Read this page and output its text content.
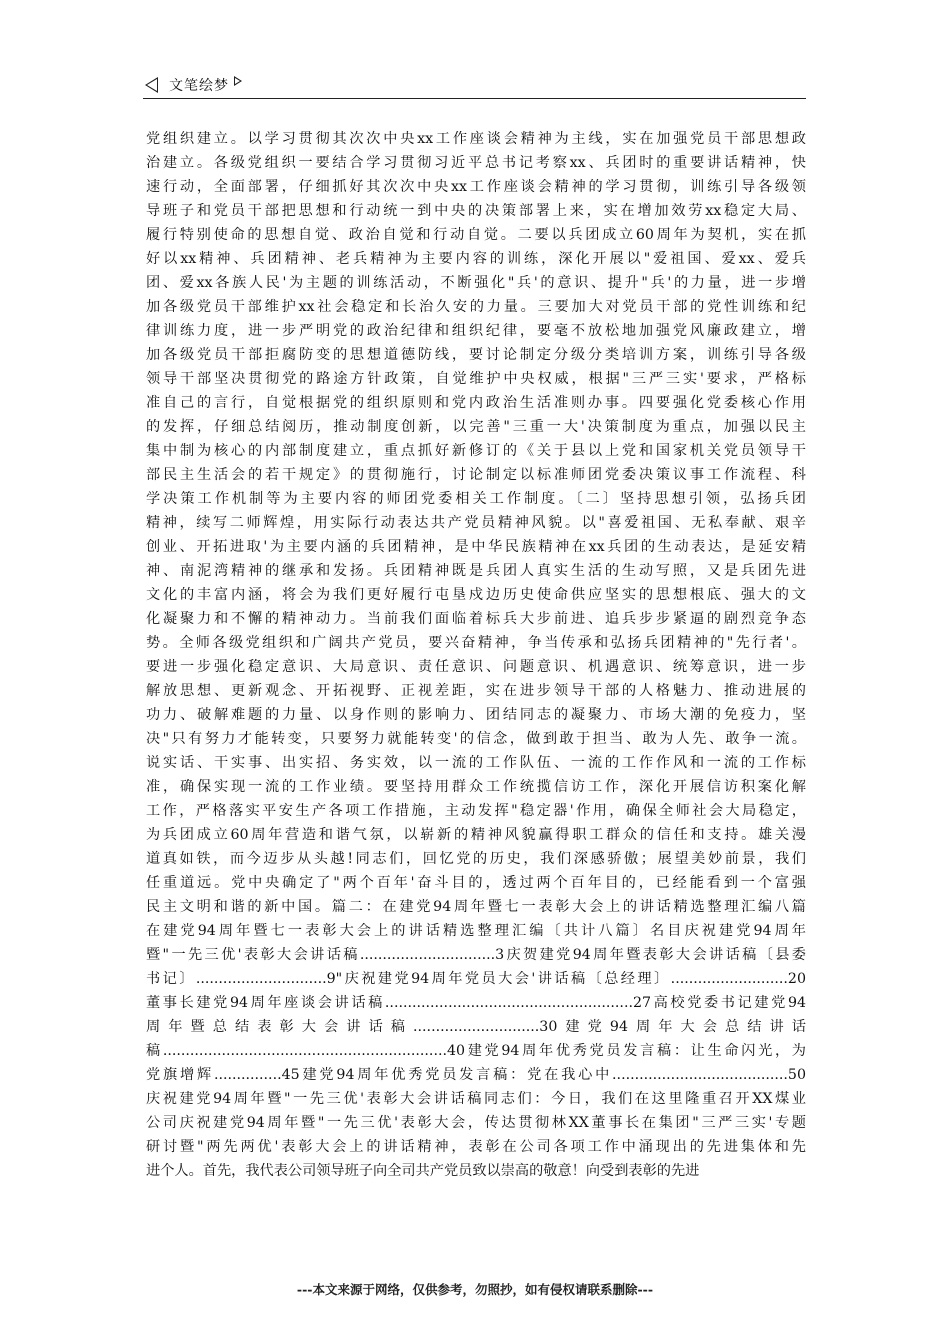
文笔绘梦
党组织建立。以学习贯彻其次次中央xx工作座谈会精神为主线，实在加强党员干部思想政
治建立。各级党组织一要结合学习贯彻习近平总书记考察xx、兵团时的重要讲话精神，快
速行动，全面部署，仔细抓好其次次中央xx工作座谈会精神的学习贯彻，训练引导各级领
导班子和党员干部把思想和行动统一到中央的决策部署上来，实在增加效劳xx稳定大局、
履行特别使命的思想自觉、政治自觉和行动自觉。二要以兵团成立60周年为契机，实在抓
好以xx精神、兵团精神、老兵精神为主要内容的训练，深化开展以"爱祖国、爱xx、爱兵
团、爱xx各族人民'为主题的训练活动，不断强化"兵'的意识、提升"兵'的力量，进一步增
加各级党员干部维护xx社会稳定和长治久安的力量。三要加大对党员干部的党性训练和纪
律训练力度，进一步严明党的政治纪律和组织纪律，要毫不放松地加强党风廉政建立，增
加各级党员干部拒腐防变的思想道德防线，要讨论制定分级分类培训方案，训练引导各级
领导干部坚决贯彻党的路途方针政策，自觉维护中央权威，根据"三严三实'要求，严格标
准自己的言行，自觉根据党的组织原则和党内政治生活准则办事。四要强化党委核心作用
的发挥，仔细总结阅历，推动制度创新，以完善"三重一大'决策制度为重点，加强以民主
集中制为核心的内部制度建立，重点抓好新修订的《关于县以上党和国家机关党员领导干
部民主生活会的若干规定》的贯彻施行，讨论制定以标准师团党委决策议事工作流程、科
学决策工作机制等为主要内容的师团党委相关工作制度。〔二〕坚持思想引领，弘扬兵团
精神，续写二师辉煌，用实际行动表达共产党员精神风貌。以"喜爱祖国、无私奉献、艰辛
创业、开拓进取'为主要内涵的兵团精神，是中华民族精神在xx兵团的生动表达，是延安精
神、南泥湾精神的继承和发扬。兵团精神既是兵团人真实生活的生动写照，又是兵团先进
文化的丰富内涵，将会为我们更好履行屯垦戍边历史使命供应坚实的思想根底、强大的文
化凝聚力和不懈的精神动力。当前我们面临着标兵大步前进、追兵步步紧逼的剧烈竞争态
势。全师各级党组织和广阔共产党员，要兴奋精神，争当传承和弘扬兵团精神的"先行者'。
要进一步强化稳定意识、大局意识、责任意识、问题意识、机遇意识、统筹意识，进一步
解放思想、更新观念、开拓视野、正视差距，实在进步领导干部的人格魅力、推动进展的
功力、破解难题的力量、以身作则的影响力、团结同志的凝聚力、市场大潮的免疫力，坚
决"只有努力才能转变，只要努力就能转变'的信念，做到敢于担当、敢为人先、敢争一流。
说实话、干实事、出实招、务实效，以一流的工作队伍、一流的工作作风和一流的工作标
准，确保实现一流的工作业绩。要坚持用群众工作统揽信访工作，深化开展信访积案化解
工作，严格落实平安生产各项工作措施，主动发挥"稳定器'作用，确保全师社会大局稳定，
为兵团成立60周年营造和谐气氛，以崭新的精神风貌赢得职工群众的信任和支持。雄关漫
道真如铁，而今迈步从头越!同志们，回忆党的历史，我们深感骄傲；展望美妙前景，我们
任重道远。党中央确定了"两个百年'奋斗目的，透过两个百年目的，已经能看到一个富强
民主文明和谐的新中国。篇二：在建党94周年暨七一表彰大会上的讲话精选整理汇编八篇
在建党94周年暨七一表彰大会上的讲话精选整理汇编〔共计八篇〕名目庆祝建党94周年
暨"一先三优'表彰大会讲话稿..............................3庆贺建党94周年暨表彰大会讲话稿〔县委
书记〕.............................9"庆祝建党94周年党员大会'讲话稿〔总经理〕..........................20
董事长建党94周年座谈会讲话稿.......................................................27高校党委书记建党94
周年暨总结表彰大会讲话稿............................30建党94周年大会总结讲话
稿...............................................................40建党94周年优秀党员发言稿：让生命闪光，为
党旗增辉...............45建党94周年优秀党员发言稿：党在我心中.......................................50
庆祝建党94周年暨"一先三优'表彰大会讲话稿同志们：今日，我们在这里隆重召开XX煤业
公司庆祝建党94周年暨"一先三优'表彰大会，传达贯彻林XX董事长在集团"三严三实'专题
研讨暨"两先两优'表彰大会上的讲话精神，表彰在公司各项工作中涌现出的先进集体和先
进个人。首先，我代表公司领导班子向全司共产党员致以崇高的敬意！向受到表彰的先进
---本文来源于网络，仅供参考，勿照抄，如有侵权请联系删除---
